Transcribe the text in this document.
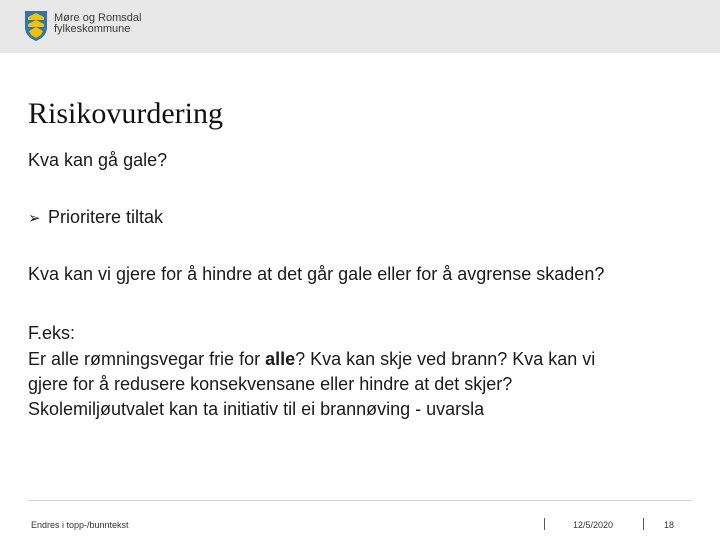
Møre og Romsdal
fylkeskommune
Risikovurdering
Kva kan gå gale?
➢ Prioritere tiltak
Kva kan vi gjere for å hindre at det går gale eller for å avgrense skaden?
F.eks:
Er alle rømningsvegar frie for alle? Kva kan skje ved brann? Kva kan vi
gjere for å redusere konsekvensane eller hindre at det skjer?
Skolemiljøutvalet kan ta initiativ til ei brannøving - uvarsla
Endres i topp-/bunntekst	12/5/2020	18
